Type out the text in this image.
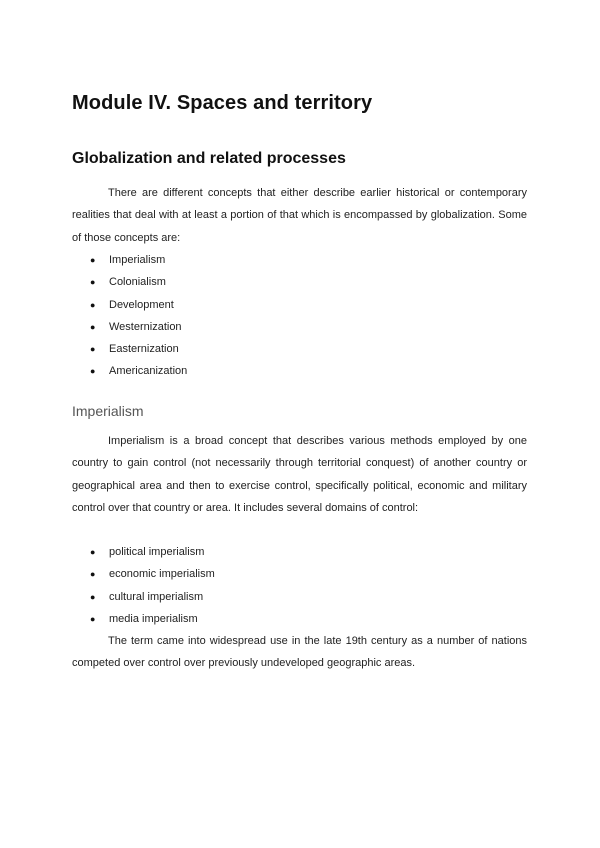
Module IV. Spaces and territory
Globalization and related processes

There are different concepts that either describe earlier historical or contemporary realities that deal with at least a portion of that which is encompassed by globalization. Some of those concepts are:

● Imperialism
● Colonialism
● Development
● Westernization
● Easternization
● Americanization
Imperialism

Imperialism is a broad concept that describes various methods employed by one country to gain control (not necessarily through territorial conquest) of another country or geographical area and then to exercise control, specifically political, economic and military control over that country or area. It includes several domains of control:

● political imperialism
● economic imperialism
● cultural imperialism
● media imperialism

The term came into widespread use in the late 19th century as a number of nations competed over control over previously undeveloped geographic areas.
